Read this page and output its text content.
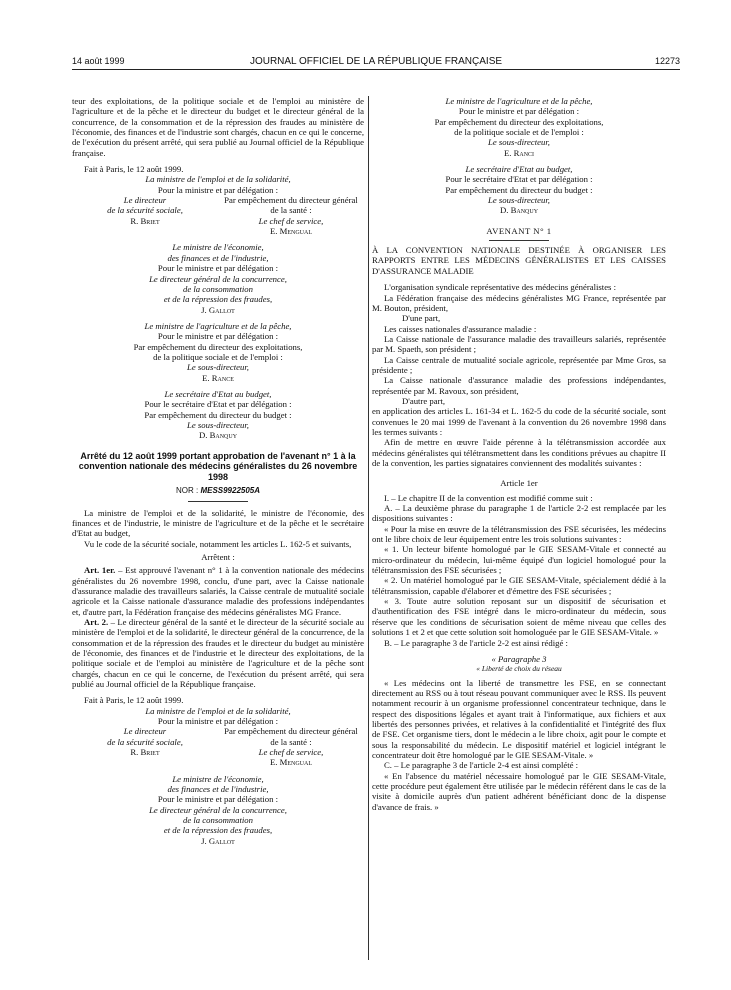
14 août 1999	JOURNAL OFFICIEL DE LA RÉPUBLIQUE FRANÇAISE	12273

teur des exploitations, de la politique sociale et de l'emploi au ministère de l'agriculture et de la pêche et le directeur du budget et le directeur général de la concurrence, de la consommation et de la répression des fraudes au ministère de l'économie, des finances et de l'industrie sont chargés, chacun en ce qui le concerne, de l'exécution du présent arrêté, qui sera publié au Journal officiel de la République française.

Fait à Paris, le 12 août 1999.

La ministre de l'emploi et de la solidarité,

Pour la ministre et par délégation :

Le directeur

de la sécurité sociale,

R. Briet

Par empêchement du directeur général

de la santé :

Le chef de service,

E. Mengual

Le ministre de l'économie,

des finances et de l'industrie,

Pour le ministre et par délégation :

Le directeur général de la concurrence,

de la consommation

et de la répression des fraudes,

J. Gallot

Le ministre de l'agriculture et de la pêche,

Pour le ministre et par délégation :

Par empêchement du directeur des exploitations,

de la politique sociale et de l'emploi :

Le sous-directeur,

E. Rance

Le secrétaire d'Etat au budget,

Pour le secrétaire d'Etat et par délégation :

Par empêchement du directeur du budget :

Le sous-directeur,

D. Banquy

Arrêté du 12 août 1999 portant approbation de l'avenant n° 1 à la convention nationale des médecins généralistes du 26 novembre 1998

NOR : MESS9922505A

La ministre de l'emploi et de la solidarité, le ministre de l'économie, des finances et de l'industrie, le ministre de l'agriculture et de la pêche et le secrétaire d'Etat au budget,

Vu le code de la sécurité sociale, notamment les articles L. 162-5 et suivants,

Arrêtent :

Art. 1er. – Est approuvé l'avenant n° 1 à la convention nationale des médecins généralistes du 26 novembre 1998, conclu, d'une part, avec la Caisse nationale d'assurance maladie des travailleurs salariés, la Caisse centrale de mutualité sociale agricole et la Caisse nationale d'assurance maladie des professions indépendantes et, d'autre part, la Fédération française des médecins généralistes MG France.

Art. 2. – Le directeur général de la santé et le directeur de la sécurité sociale au ministère de l'emploi et de la solidarité, le directeur général de la concurrence, de la consommation et de la répression des fraudes et le directeur du budget au ministère de l'économie, des finances et de l'industrie et le directeur des exploitations, de la politique sociale et de l'emploi au ministère de l'agriculture et de la pêche sont chargés, chacun en ce qui le concerne, de l'exécution du présent arrêté, qui sera publié au Journal officiel de la République française.

Fait à Paris, le 12 août 1999.

La ministre de l'emploi et de la solidarité,

Pour la ministre et par délégation :

Le directeur

de la sécurité sociale,

R. Briet

Par empêchement du directeur général

de la santé :

Le chef de service,

E. Mengual

Le ministre de l'économie,

des finances et de l'industrie,

Pour le ministre et par délégation :

Le directeur général de la concurrence,

de la consommation

et de la répression des fraudes,

J. Gallot

Le ministre de l'agriculture et de la pêche,

Pour le ministre et par délégation :

Par empêchement du directeur des exploitations,

de la politique sociale et de l'emploi :

Le sous-directeur,

E. Ranci

Le secrétaire d'Etat au budget,

Pour le secrétaire d'Etat et par délégation :

Par empêchement du directeur du budget :

Le sous-directeur,

D. Banquy

AVENANT N° 1

À LA CONVENTION NATIONALE DESTINÉE À ORGANISER LES RAPPORTS ENTRE LES MÉDECINS GÉNÉRALISTES ET LES CAISSES D'ASSURANCE MALADIE

L'organisation syndicale représentative des médecins généralistes :

La Fédération française des médecins généralistes MG France, représentée par M. Bouton, président,

D'une part,

Les caisses nationales d'assurance maladie :

La Caisse nationale de l'assurance maladie des travailleurs salariés, représentée par M. Spaeth, son président ;

La Caisse centrale de mutualité sociale agricole, représentée par Mme Gros, sa présidente ;

La Caisse nationale d'assurance maladie des professions indépendantes, représentée par M. Ravoux, son président,

D'autre part,

en application des articles L. 161-34 et L. 162-5 du code de la sécurité sociale, sont convenues le 20 mai 1999 de l'avenant à la convention du 26 novembre 1998 dans les termes suivants :

Afin de mettre en œuvre l'aide pérenne à la télétransmission accordée aux médecins généralistes qui télétransmettent dans les conditions prévues au chapitre II de la convention, les parties signataires conviennent des modalités suivantes :

Article 1er

I. – Le chapitre II de la convention est modifié comme suit :

A. – La deuxième phrase du paragraphe 1 de l'article 2-2 est remplacée par les dispositions suivantes :

« Pour la mise en œuvre de la télétransmission des FSE sécurisées, les médecins ont le libre choix de leur équipement entre les trois solutions suivantes :

« 1. Un lecteur bifente homologué par le GIE SESAM-Vitale et connecté au micro-ordinateur du médecin, lui-même équipé d'un logiciel homologué pour la télétransmission des FSE sécurisées ;

« 2. Un matériel homologué par le GIE SESAM-Vitale, spécialement dédié à la télétransmission, capable d'élaborer et d'émettre des FSE sécurisées ;

« 3. Toute autre solution reposant sur un dispositif de sécurisation et d'authentification des FSE intégré dans le micro-ordinateur du médecin, sous réserve que les conditions de sécurisation soient de même niveau que celles des solutions 1 et 2 et que cette solution soit homologuée par le GIE SESAM-Vitale. »

B. – Le paragraphe 3 de l'article 2-2 est ainsi rédigé :

« Paragraphe 3

« Liberté de choix du réseau

« Les médecins ont la liberté de transmettre les FSE, en se connectant directement au RSS ou à tout réseau pouvant communiquer avec le RSS. Ils peuvent notamment recourir à un organisme professionnel concentrateur technique, dans le respect des dispositions légales et ayant trait à l'informatique, aux fichiers et aux libertés des personnes privées, et relatives à la confidentialité et l'intégrité des flux de FSE. Cet organisme tiers, dont le médecin a le libre choix, agit pour le compte et sous la responsabilité du médecin. Le dispositif matériel et logiciel intégrant le concentrateur doit être homologué par le GIE SESAM-Vitale. »

C. – Le paragraphe 3 de l'article 2-4 est ainsi complété :

« En l'absence du matériel nécessaire homologué par le GIE SESAM-Vitale, cette procédure peut également être utilisée par le médecin référent dans le cas de la visite à domicile auprès d'un patient adhérent bénéficiant donc de la dispense d'avance de frais. »
